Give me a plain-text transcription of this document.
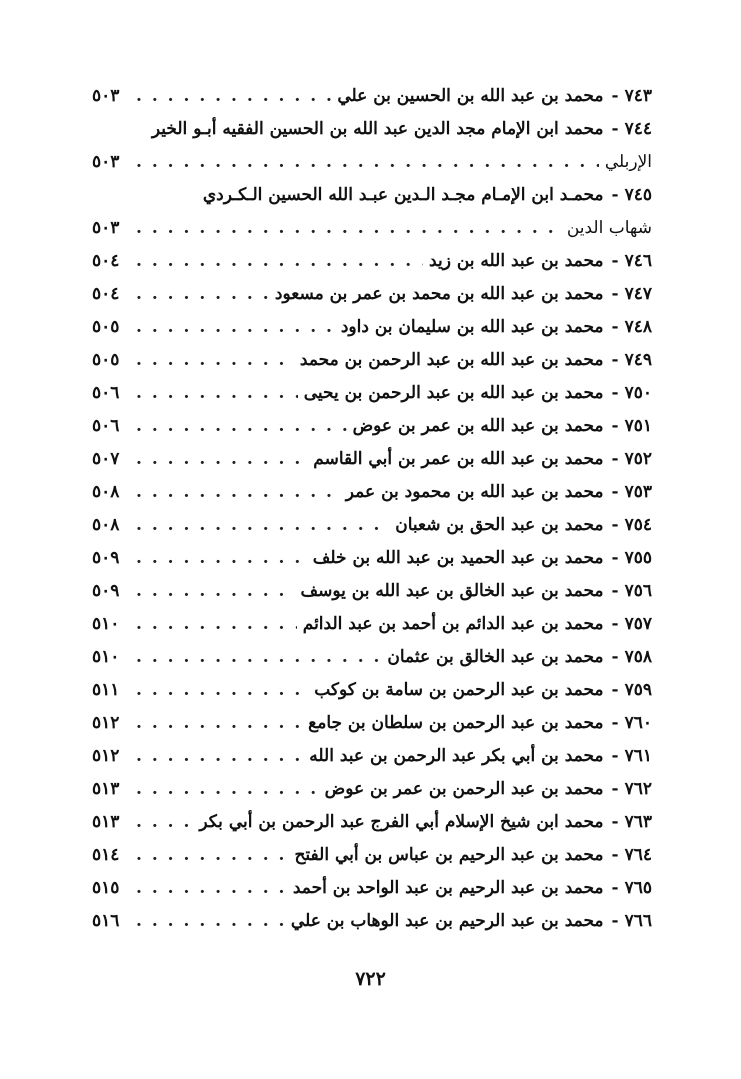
٧٤٣
-
محمد بن عبد الله بن الحسين بن علي
. . .
٥٠٣
٧٤٤
-
محمد ابن الإمام مجد الدين عبد الله بن الحسين الفقيه أبـو الخير
الإربلي
. . .
٥٠٣
٧٤٥
-
محمـد ابن الإمـام مجـد الـدين عبـد الله الحسين الـكـردي
شهاب الدين
. . .
٥٠٣
٧٤٦
-
محمد بن عبد الله بن زيد
. . .
٥٠٤
٧٤٧
-
محمد بن عبد الله بن محمد بن عمر بن مسعود
. . .
٥٠٤
٧٤٨
-
محمد بن عبد الله بن سليمان بن داود
. . .
٥٠٥
٧٤٩
-
محمد بن عبد الله بن عبد الرحمن بن محمد
. . .
٥٠٥
٧٥٠
-
محمد بن عبد الله بن عبد الرحمن بن يحيى
. . .
٥٠٦
٧٥١
-
محمد بن عبد الله بن عمر بن عوض
. . .
٥٠٦
٧٥٢
-
محمد بن عبد الله بن عمر بن أبي القاسم
. . .
٥٠٧
٧٥٣
-
محمد بن عبد الله بن محمود بن عمر
. . .
٥٠٨
٧٥٤
-
محمد بن عبد الحق بن شعبان
. . .
٥٠٨
٧٥٥
-
محمد بن عبد الحميد بن عبد الله بن خلف
. . .
٥٠٩
٧٥٦
-
محمد بن عبد الخالق بن عبد الله بن يوسف
. . .
٥٠٩
٧٥٧
-
محمد بن عبد الدائم بن أحمد بن عبد الدائم
. . .
٥١٠
٧٥٨
-
محمد بن عبد الخالق بن عثمان
. . .
٥١٠
٧٥٩
-
محمد بن عبد الرحمن بن سامة بن كوكب
. . .
٥١١
٧٦٠
-
محمد بن عبد الرحمن بن سلطان بن جامع
. . .
٥١٢
٧٦١
-
محمد بن أبي بكر عبد الرحمن بن عبد الله
. . .
٥١٢
٧٦٢
-
محمد بن عبد الرحمن بن عمر بن عوض
. . .
٥١٣
٧٦٣
-
محمد ابن شيخ الإسلام أبي الفرج عبد الرحمن بن أبي بكر
. . .
٥١٣
٧٦٤
-
محمد بن عبد الرحيم بن عباس بن أبي الفتح
. . .
٥١٤
٧٦٥
-
محمد بن عبد الرحيم بن عبد الواحد بن أحمد
. . .
٥١٥
٧٦٦
-
محمد بن عبد الرحيم بن عبد الوهاب بن علي
. . .
٥١٦
٧٢٢
